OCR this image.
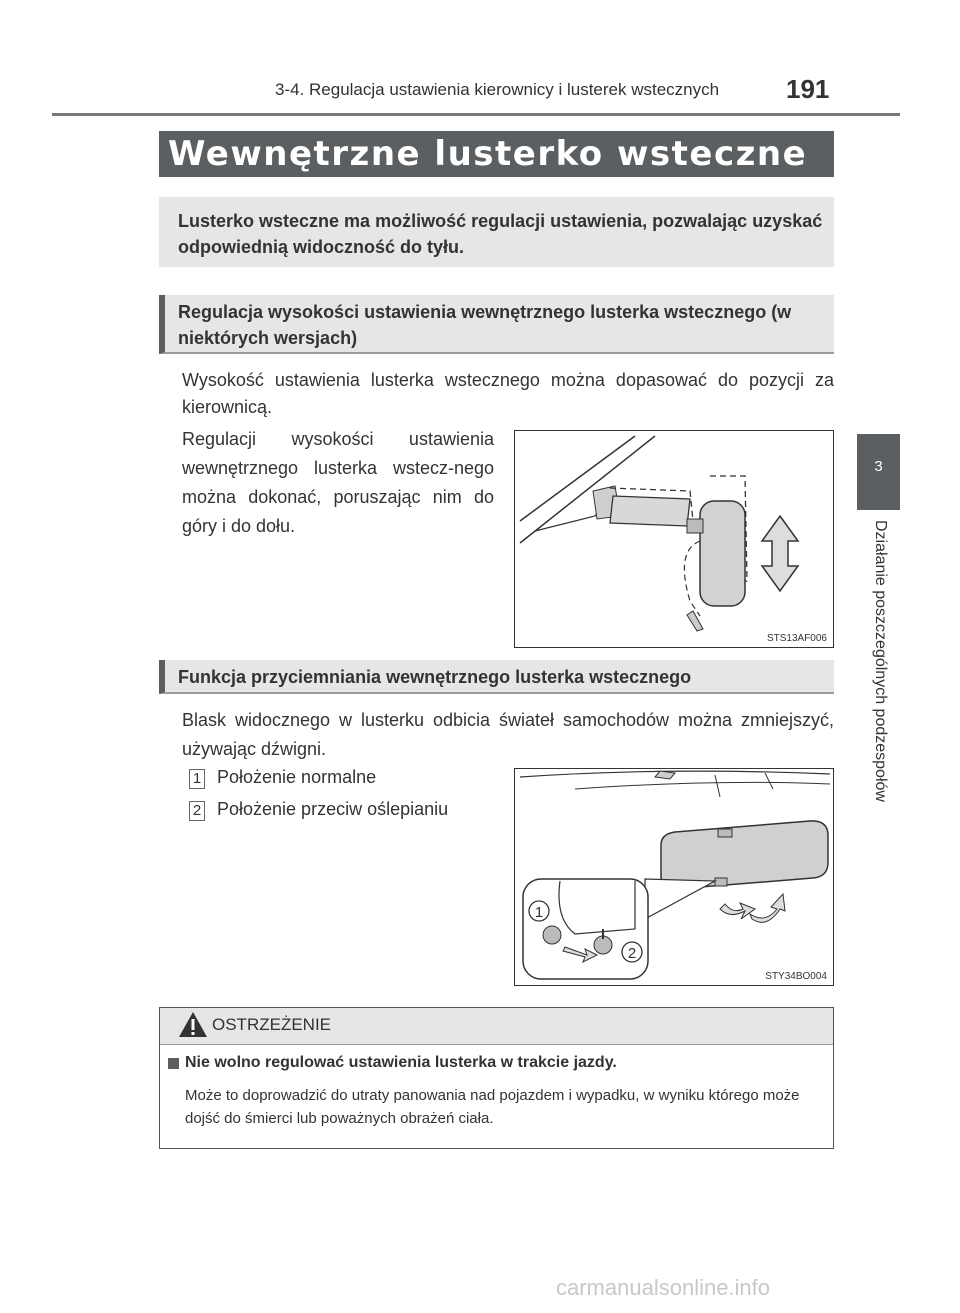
3-4. Regulacja ustawienia kierownicy i lusterek wstecznych	191
3
Działanie poszczególnych podzespołów
Wewnętrzne lusterko wsteczne
Lusterko wsteczne ma możliwość regulacji ustawienia, pozwalając uzyskać odpowiednią widoczność do tyłu.
Regulacja wysokości ustawienia wewnętrznego lusterka wstecznego (w niektórych wersjach)
Wysokość ustawienia lusterka wstecznego można dopasować do pozycji za kierownicą.
Regulacji wysokości ustawienia wewnętrznego lusterka wstecz-nego można dokonać, poruszając nim do góry i do dołu.
STS13AF006
Funkcja przyciemniania wewnętrznego lusterka wstecznego
Blask widocznego w lusterku odbicia świateł samochodów można zmniejszyć, używając dźwigni.
1 Położenie normalne
2 Położenie przeciw oślepianiu
1
2
STY34BO004
OSTRZEŻENIE
Nie wolno regulować ustawienia lusterka w trakcie jazdy.
Może to doprowadzić do utraty panowania nad pojazdem i wypadku, w wyniku którego może dojść do śmierci lub poważnych obrażeń ciała.
carmanualsonline.info
